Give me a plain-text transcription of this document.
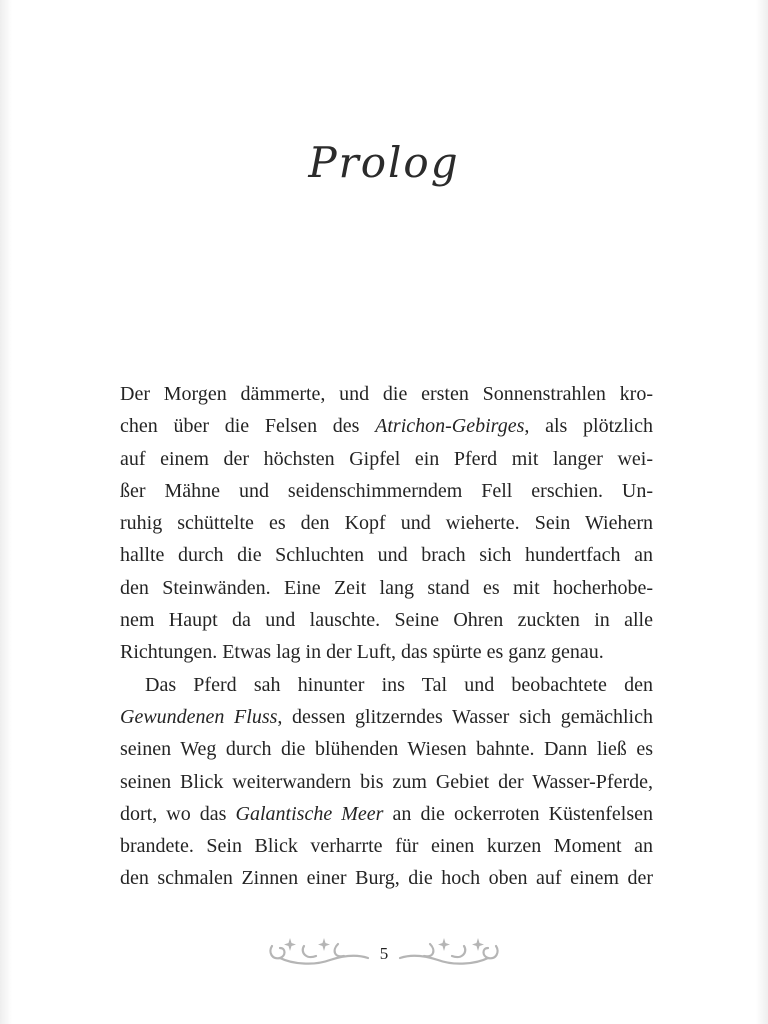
Prolog
Der Morgen dämmerte, und die ersten Sonnenstrahlen kro-
chen über die Felsen des Atrichon-Gebirges, als plötzlich
auf einem der höchsten Gipfel ein Pferd mit langer wei-
ßer Mähne und seidenschimmerndem Fell erschien. Un-
ruhig schüttelte es den Kopf und wieherte. Sein Wiehern
hallte durch die Schluchten und brach sich hundertfach an
den Steinwänden. Eine Zeit lang stand es mit hocherhobe-
nem Haupt da und lauschte. Seine Ohren zuckten in alle
Richtungen. Etwas lag in der Luft, das spürte es ganz genau.
Das Pferd sah hinunter ins Tal und beobachtete den
Gewundenen Fluss, dessen glitzerndes Wasser sich gemächlich
seinen Weg durch die blühenden Wiesen bahnte. Dann ließ es
seinen Blick weiterwandern bis zum Gebiet der Wasser-Pferde,
dort, wo das Galantische Meer an die ockerroten Küstenfelsen
brandete. Sein Blick verharrte für einen kurzen Moment an
den schmalen Zinnen einer Burg, die hoch oben auf einem der
5
